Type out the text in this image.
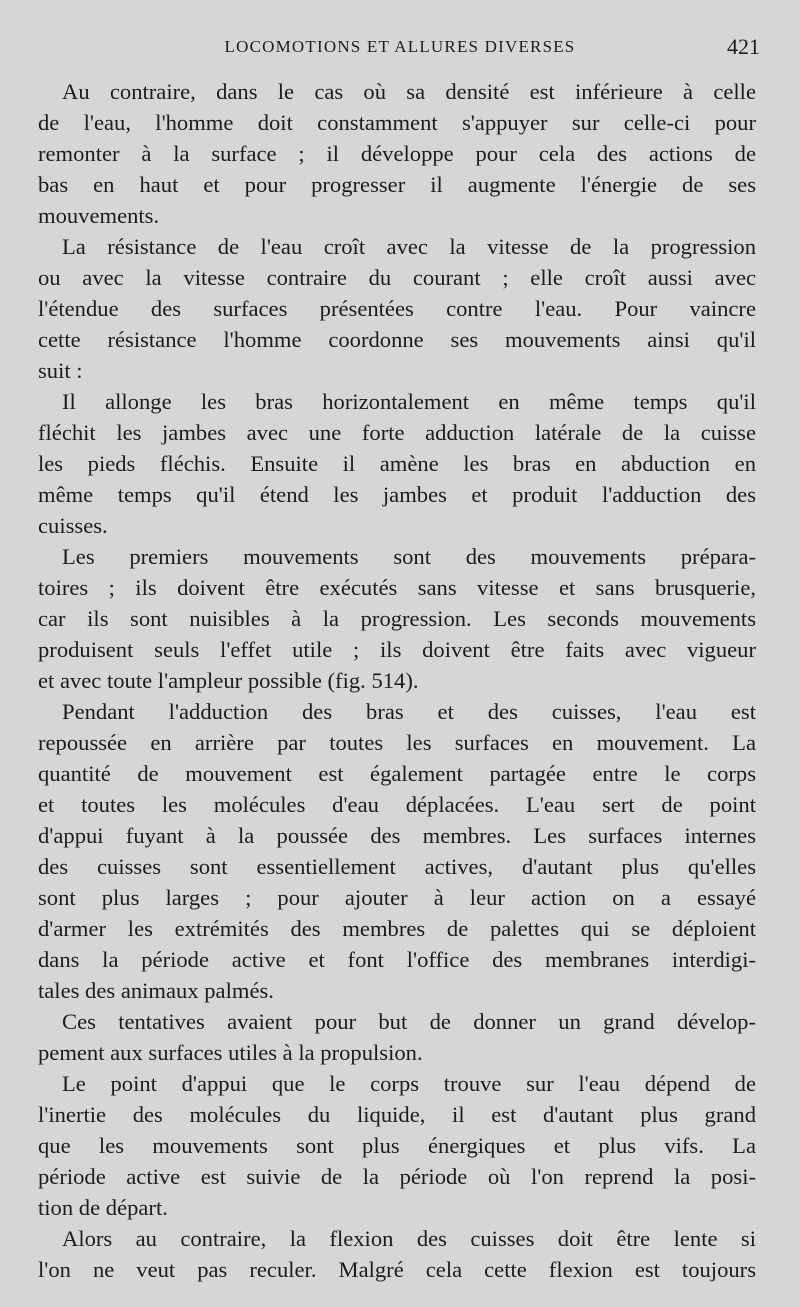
LOCOMOTIONS ET ALLURES DIVERSES	421
Au contraire, dans le cas où sa densité est inférieure à celle
de l'eau, l'homme doit constamment s'appuyer sur celle-ci pour
remonter à la surface ; il développe pour cela des actions de
bas en haut et pour progresser il augmente l'énergie de ses
mouvements.
La résistance de l'eau croît avec la vitesse de la progression
ou avec la vitesse contraire du courant ; elle croît aussi avec
l'étendue des surfaces présentées contre l'eau. Pour vaincre
cette résistance l'homme coordonne ses mouvements ainsi qu'il
suit :
Il allonge les bras horizontalement en même temps qu'il
fléchit les jambes avec une forte adduction latérale de la cuisse
les pieds fléchis. Ensuite il amène les bras en abduction en
même temps qu'il étend les jambes et produit l'adduction des
cuisses.
Les premiers mouvements sont des mouvements prépara-
toires ; ils doivent être exécutés sans vitesse et sans brusquerie,
car ils sont nuisibles à la progression. Les seconds mouvements
produisent seuls l'effet utile ; ils doivent être faits avec vigueur
et avec toute l'ampleur possible (fig. 514).
Pendant l'adduction des bras et des cuisses, l'eau est
repoussée en arrière par toutes les surfaces en mouvement. La
quantité de mouvement est également partagée entre le corps
et toutes les molécules d'eau déplacées. L'eau sert de point
d'appui fuyant à la poussée des membres. Les surfaces internes
des cuisses sont essentiellement actives, d'autant plus qu'elles
sont plus larges ; pour ajouter à leur action on a essayé
d'armer les extrémités des membres de palettes qui se déploient
dans la période active et font l'office des membranes interdigi-
tales des animaux palmés.
Ces tentatives avaient pour but de donner un grand dévelop-
pement aux surfaces utiles à la propulsion.
Le point d'appui que le corps trouve sur l'eau dépend de
l'inertie des molécules du liquide, il est d'autant plus grand
que les mouvements sont plus énergiques et plus vifs. La
période active est suivie de la période où l'on reprend la posi-
tion de départ.
Alors au contraire, la flexion des cuisses doit être lente si
l'on ne veut pas reculer. Malgré cela cette flexion est toujours
